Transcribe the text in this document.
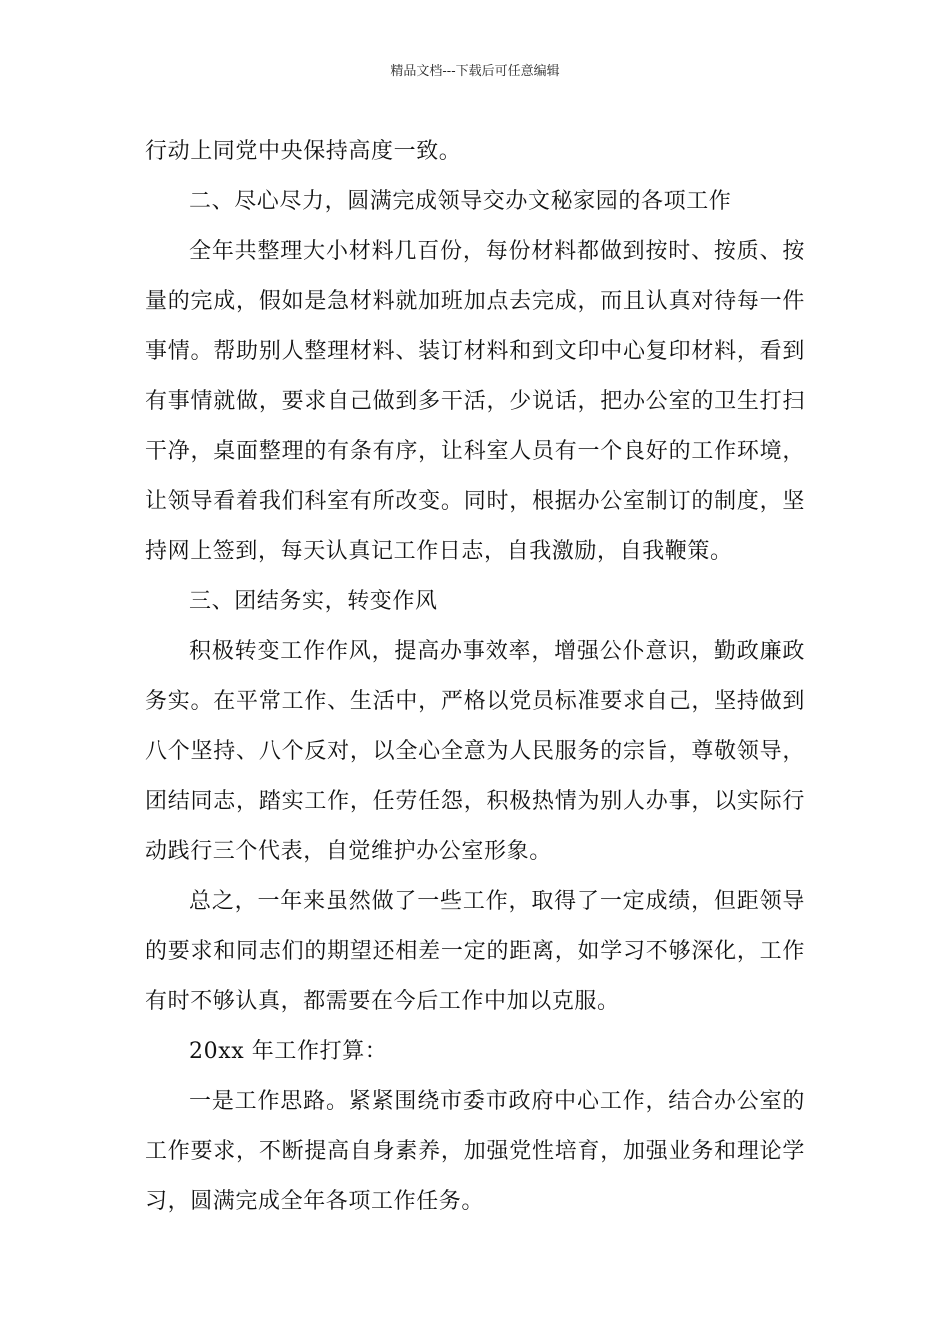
精品文档---下载后可任意编辑
行动上同党中央保持高度一致。
二、尽心尽力，圆满完成领导交办文秘家园的各项工作
全年共整理大小材料几百份，每份材料都做到按时、按质、按
量的完成，假如是急材料就加班加点去完成，而且认真对待每一件
事情。帮助别人整理材料、装订材料和到文印中心复印材料，看到
有事情就做，要求自己做到多干活，少说话，把办公室的卫生打扫
干净，桌面整理的有条有序，让科室人员有一个良好的工作环境，
让领导看着我们科室有所改变。同时，根据办公室制订的制度，坚
持网上签到，每天认真记工作日志，自我激励，自我鞭策。
三、团结务实，转变作风
积极转变工作作风，提高办事效率，增强公仆意识，勤政廉政
务实。在平常工作、生活中，严格以党员标准要求自己，坚持做到
八个坚持、八个反对，以全心全意为人民服务的宗旨，尊敬领导，
团结同志，踏实工作，任劳任怨，积极热情为别人办事，以实际行
动践行三个代表，自觉维护办公室形象。
总之，一年来虽然做了一些工作，取得了一定成绩，但距领导
的要求和同志们的期望还相差一定的距离，如学习不够深化，工作
有时不够认真，都需要在今后工作中加以克服。
20xx 年工作打算：
一是工作思路。紧紧围绕市委市政府中心工作，结合办公室的
工作要求，不断提高自身素养，加强党性培育，加强业务和理论学
习，圆满完成全年各项工作任务。
